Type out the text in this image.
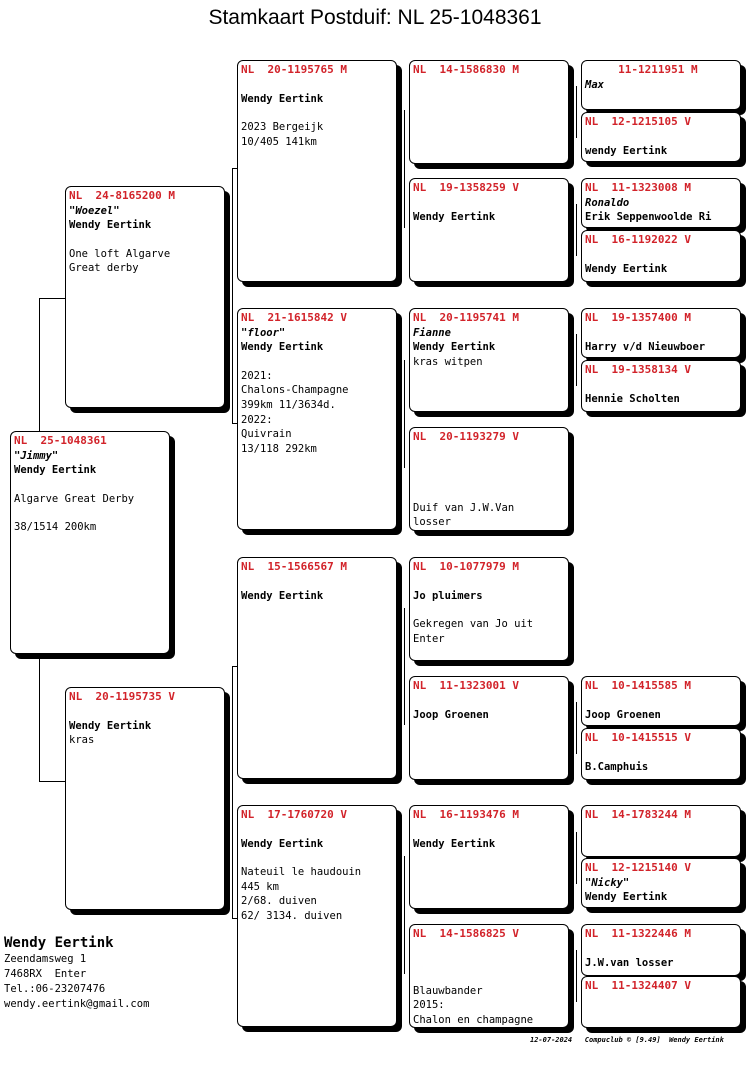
Stamkaart Postduif: NL 25-1048361
NL  25-1048361
"Jimmy"
Wendy Eertink
Algarve Great Derby
38/1514 200km
NL  24-8165200 M
"Woezel"
Wendy Eertink
One loft Algarve
Great derby
NL  20-1195735 V
Wendy Eertink
kras
NL  20-1195765 M
Wendy Eertink
2023 Bergeijk
10/405 141km
NL  21-1615842 V
"floor"
Wendy Eertink
2021:
Chalons-Champagne
399km 11/3634d.
2022:
Quivrain
13/118 292km
NL  15-1566567 M
Wendy Eertink
NL  17-1760720 V
Wendy Eertink
Nateuil le haudouin
445 km
2/68. duiven
62/ 3134. duiven
NL  14-1586830 M
NL  19-1358259 V
Wendy Eertink
NL  20-1195741 M
Fianne
Wendy Eertink
kras witpen
NL  20-1193279 V
Duif van J.W.Van
losser
NL  10-1077979 M
Jo pluimers
Gekregen van Jo uit
Enter
NL  11-1323001 V
Joop Groenen
NL  16-1193476 M
Wendy Eertink
NL  14-1586825 V
Blauwbander
2015:
Chalon en champagne
11-1211951 M
Max
NL  12-1215105 V
wendy Eertink
NL  11-1323008 M
Ronaldo
Erik Seppenwoolde Ri
NL  16-1192022 V
Wendy Eertink
NL  19-1357400 M
Harry v/d Nieuwboer
NL  19-1358134 V
Hennie Scholten
NL  10-1415585 M
Joop Groenen
NL  10-1415515 V
B.Camphuis
NL  14-1783244 M
NL  12-1215140 V
"Nicky"
Wendy Eertink
NL  11-1322446 M
J.W.van losser
NL  11-1324407 V
Wendy Eertink
Zeendamsweg 1
7468RX  Enter
Tel.:06-23207476
wendy.eertink@gmail.com
12-07-2024   Compuclub © [9.49]  Wendy Eertink
